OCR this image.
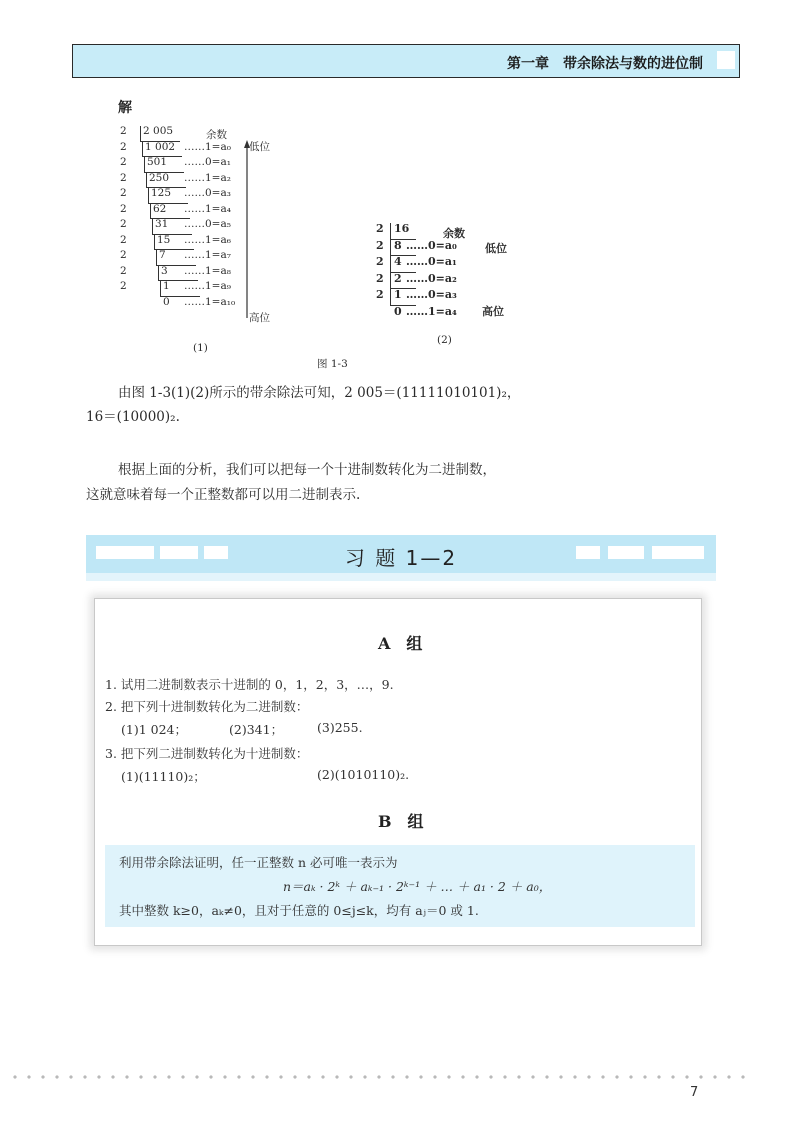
第一章　带余除法与数的进位制
解
2 2 005
2 1 002 ……1=a₀
2 501 ……0=a₁
2 250 ……1=a₂
2 125 ……0=a₃
2	62 ……1=a₄
2	31 ……0=a₅
2	15 ……1=a₆
2	7 ……1=a₇
2	3 ……1=a₈
2	1 ……1=a₉
0 ……1=a₁₀
余数
低位
高位
(1)
2 16
2 8 ……0=a₀
2 4 ……0=a₁
2 2 ……0=a₂
2 1 ……0=a₃
0 ……1=a₄
余数
低位
高位
(2)
图 1-3
由图 1-3(1)(2)所示的带余除法可知，2 005＝(11111010101)₂，
16＝(10000)₂.
根据上面的分析，我们可以把每一个十进制数转化为二进制数，
这就意味着每一个正整数都可以用二进制表示.
习 题 1—2
A　组
1. 试用二进制数表示十进制的 0，1，2，3，…，9.
2. 把下列十进制数转化为二进制数：
(1)1 024；	(2)341；	(3)255.
3. 把下列二进制数转化为十进制数：
(1)(11110)₂；	(2)(1010110)₂.
B　组
利用带余除法证明，任一正整数 n 必可唯一表示为
n＝aₖ · 2ᵏ ＋ aₖ₋₁ · 2ᵏ⁻¹ ＋ … ＋ a₁ · 2 ＋ a₀，
其中整数 k≥0，aₖ≠0，且对于任意的 0≤j≤k，均有 aⱼ＝0 或 1.
7
